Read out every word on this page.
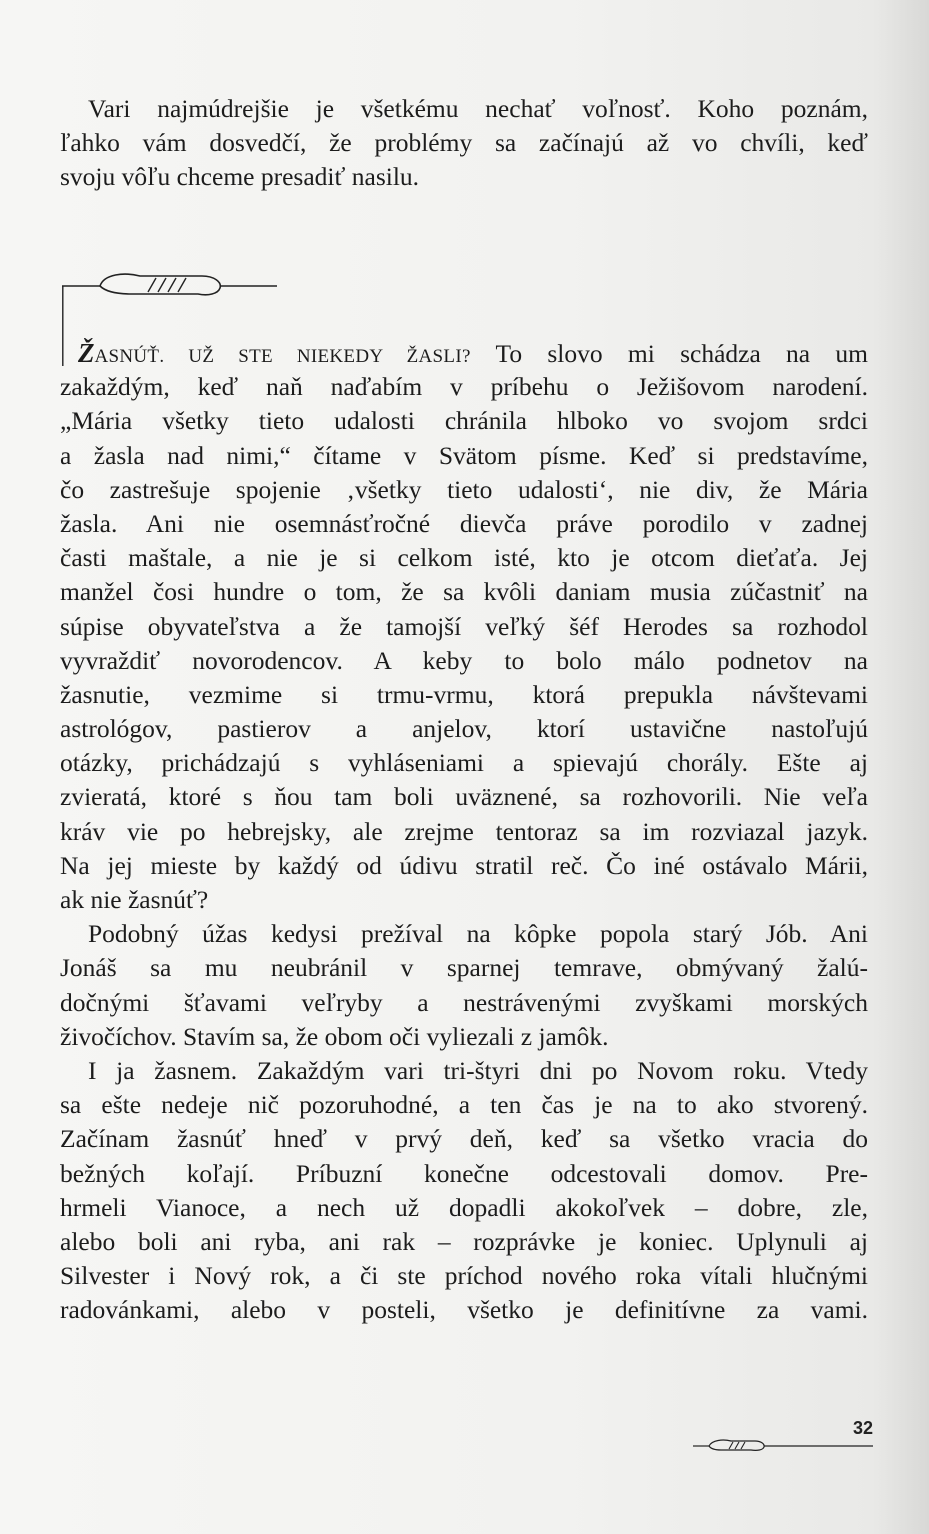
Vari najmúdrejšie je všetkému nechať voľnosť. Koho poznám,
ľahko vám dosvedčí, že problémy sa začínajú až vo chvíli, keď
svoju vôľu chceme presadiť nasilu.
ŽASNÚŤ. UŽ STE NIEKEDY ŽASLI? To slovo mi schádza na um
zakaždým, keď naň naďabím v príbehu o Ježišovom narodení.
„Mária všetky tieto udalosti chránila hlboko vo svojom srdci
a žasla nad nimi,“ čítame v Svätom písme. Keď si predstavíme,
čo zastrešuje spojenie ‚všetky tieto udalosti‘, nie div, že Mária
žasla. Ani nie osemnásťročné dievča práve porodilo v zadnej
časti maštale, a nie je si celkom isté, kto je otcom dieťaťa. Jej
manžel čosi hundre o tom, že sa kvôli daniam musia zúčastniť na
súpise obyvateľstva a že tamojší veľký šéf Herodes sa rozhodol
vyvraždiť novorodencov. A keby to bolo málo podnetov na
žasnutie, vezmime si trmu-vrmu, ktorá prepukla návštevami
astrológov, pastierov a anjelov, ktorí ustavične nastoľujú
otázky, prichádzajú s vyhláseniami a spievajú chorály. Ešte aj
zvieratá, ktoré s ňou tam boli uväznené, sa rozhovorili. Nie veľa
kráv vie po hebrejsky, ale zrejme tentoraz sa im rozviazal jazyk.
Na jej mieste by každý od údivu stratil reč. Čo iné ostávalo Márii,
ak nie žasnúť?
Podobný úžas kedysi prežíval na kôpke popola starý Jób. Ani
Jonáš sa mu neubránil v sparnej temrave, obmývaný žalú-
dočnými šťavami veľryby a nestrávenými zvyškami morských
živočíchov. Stavím sa, že obom oči vyliezali z jamôk.
I ja žasnem. Zakaždým vari tri-štyri dni po Novom roku. Vtedy
sa ešte nedeje nič pozoruhodné, a ten čas je na to ako stvorený.
Začínam žasnúť hneď v prvý deň, keď sa všetko vracia do
bežných koľají. Príbuzní konečne odcestovali domov. Pre-
hrmeli Vianoce, a nech už dopadli akokoľvek – dobre, zle,
alebo boli ani ryba, ani rak – rozprávke je koniec. Uplynuli aj
Silvester i Nový rok, a či ste príchod nového roka vítali hlučnými
radovánkami, alebo v posteli, všetko je definitívne za vami.
32
